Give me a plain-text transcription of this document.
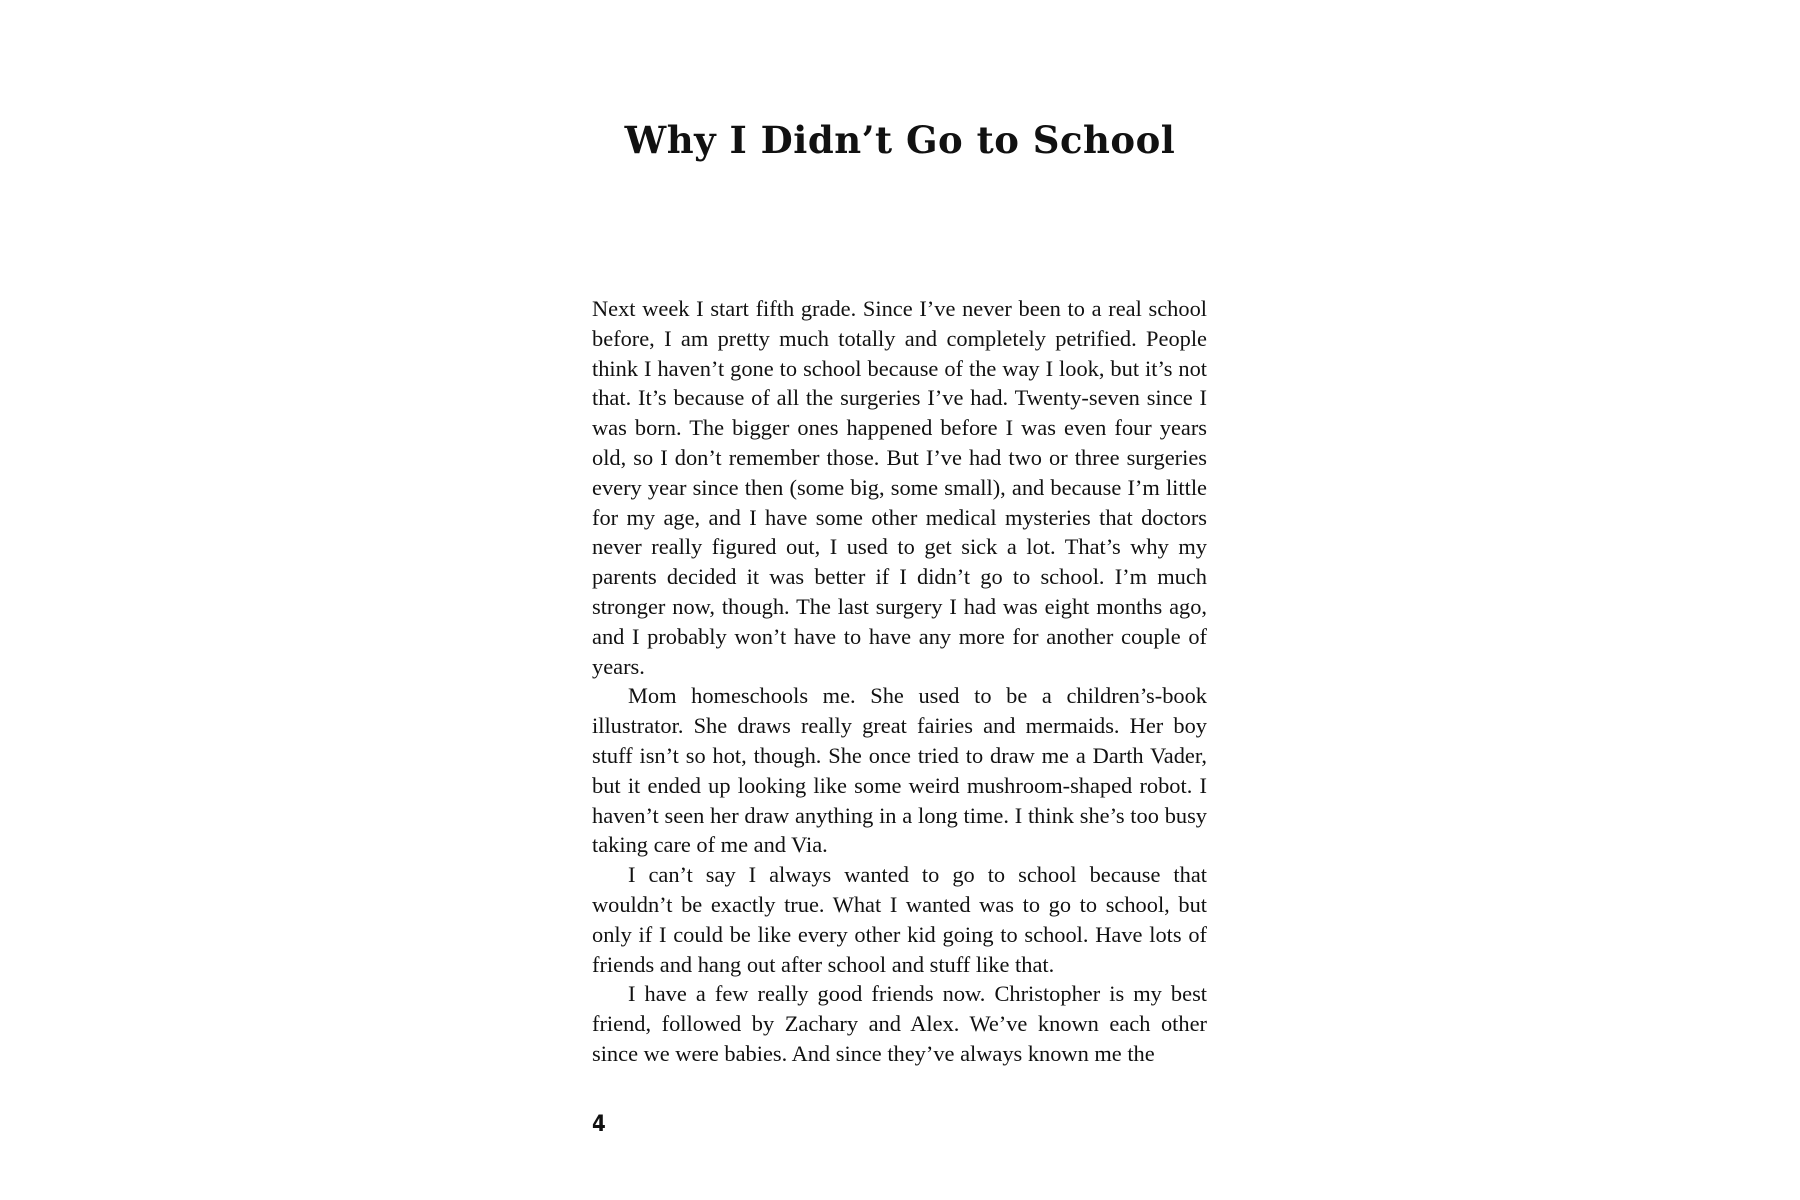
Why I Didn’t Go to School

Next week I start fifth grade. Since I’ve never been to a real school before, I am pretty much totally and completely petrified. People think I haven’t gone to school because of the way I look, but it’s not that. It’s because of all the surgeries I’ve had. Twenty-seven since I was born. The bigger ones happened before I was even four years old, so I don’t remember those. But I’ve had two or three surgeries every year since then (some big, some small), and because I’m little for my age, and I have some other medical mysteries that doctors never really figured out, I used to get sick a lot. That’s why my parents decided it was better if I didn’t go to school. I’m much stronger now, though. The last surgery I had was eight months ago, and I probably won’t have to have any more for another couple of years.

Mom homeschools me. She used to be a children’s-book illustrator. She draws really great fairies and mermaids. Her boy stuff isn’t so hot, though. She once tried to draw me a Darth Vader, but it ended up looking like some weird mushroom-shaped robot. I haven’t seen her draw anything in a long time. I think she’s too busy taking care of me and Via.

I can’t say I always wanted to go to school because that wouldn’t be exactly true. What I wanted was to go to school, but only if I could be like every other kid going to school. Have lots of friends and hang out after school and stuff like that.

I have a few really good friends now. Christopher is my best friend, followed by Zachary and Alex. We’ve known each other since we were babies. And since they’ve always known me the

4
